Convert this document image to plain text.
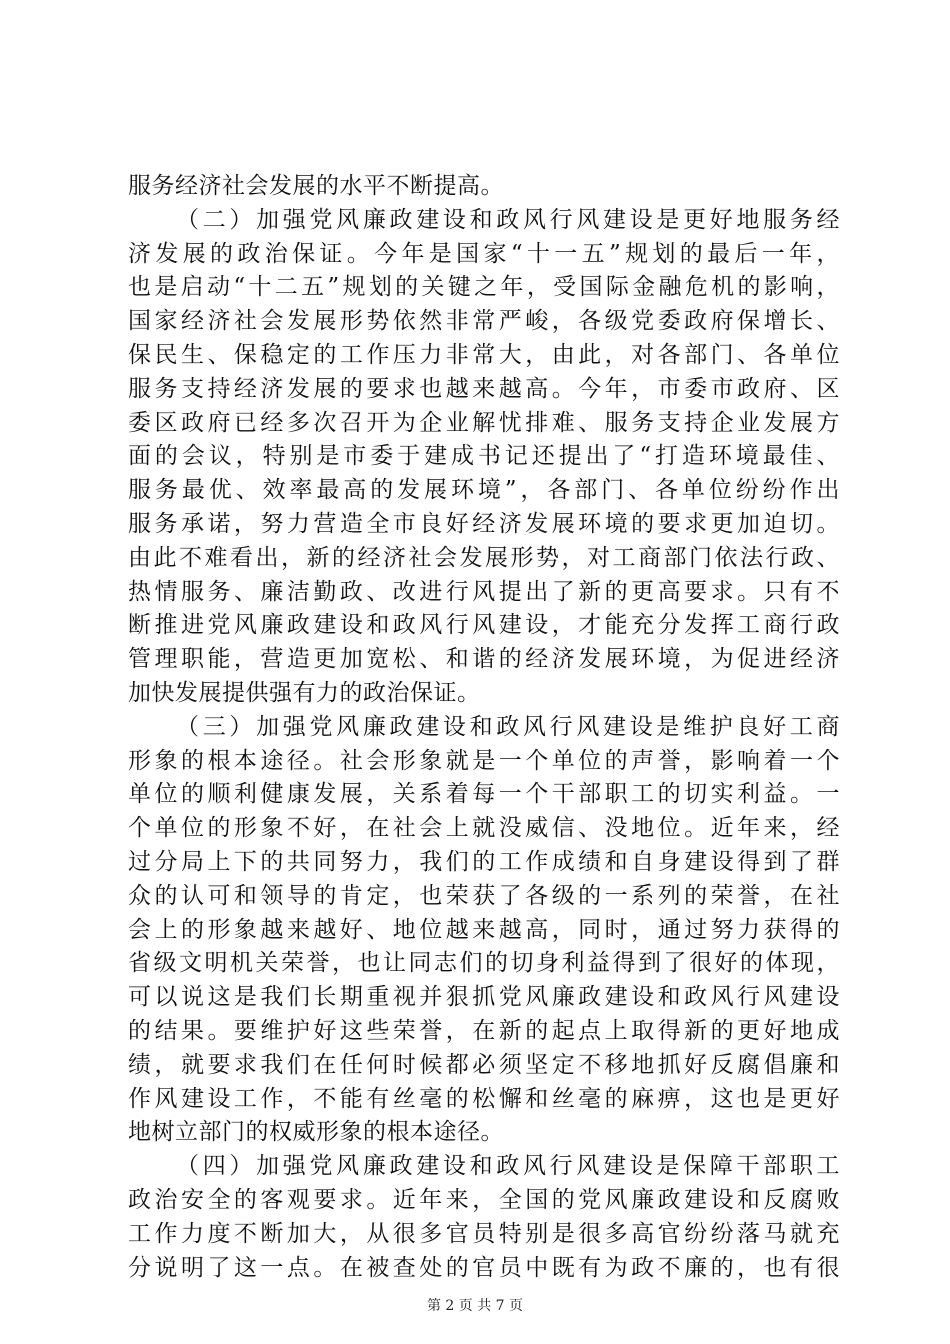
服务经济社会发展的水平不断提高。
（二）加强党风廉政建设和政风行风建设是更好地服务经
济发展的政治保证。今年是国家“十一五”规划的最后一年，
也是启动“十二五”规划的关键之年，受国际金融危机的影响，
国家经济社会发展形势依然非常严峻，各级党委政府保增长、
保民生、保稳定的工作压力非常大，由此，对各部门、各单位
服务支持经济发展的要求也越来越高。今年，市委市政府、区
委区政府已经多次召开为企业解忧排难、服务支持企业发展方
面的会议，特别是市委于建成书记还提出了“打造环境最佳、
服务最优、效率最高的发展环境”，各部门、各单位纷纷作出
服务承诺，努力营造全市良好经济发展环境的要求更加迫切。
由此不难看出，新的经济社会发展形势，对工商部门依法行政、
热情服务、廉洁勤政、改进行风提出了新的更高要求。只有不
断推进党风廉政建设和政风行风建设，才能充分发挥工商行政
管理职能，营造更加宽松、和谐的经济发展环境，为促进经济
加快发展提供强有力的政治保证。
（三）加强党风廉政建设和政风行风建设是维护良好工商
形象的根本途径。社会形象就是一个单位的声誉，影响着一个
单位的顺利健康发展，关系着每一个干部职工的切实利益。一
个单位的形象不好，在社会上就没威信、没地位。近年来，经
过分局上下的共同努力，我们的工作成绩和自身建设得到了群
众的认可和领导的肯定，也荣获了各级的一系列的荣誉，在社
会上的形象越来越好、地位越来越高，同时，通过努力获得的
省级文明机关荣誉，也让同志们的切身利益得到了很好的体现，
可以说这是我们长期重视并狠抓党风廉政建设和政风行风建设
的结果。要维护好这些荣誉，在新的起点上取得新的更好地成
绩，就要求我们在任何时候都必须坚定不移地抓好反腐倡廉和
作风建设工作，不能有丝毫的松懈和丝毫的麻痹，这也是更好
地树立部门的权威形象的根本途径。
（四）加强党风廉政建设和政风行风建设是保障干部职工
政治安全的客观要求。近年来，全国的党风廉政建设和反腐败
工作力度不断加大，从很多官员特别是很多高官纷纷落马就充
分说明了这一点。在被查处的官员中既有为政不廉的，也有很
第 2 页 共 7 页
